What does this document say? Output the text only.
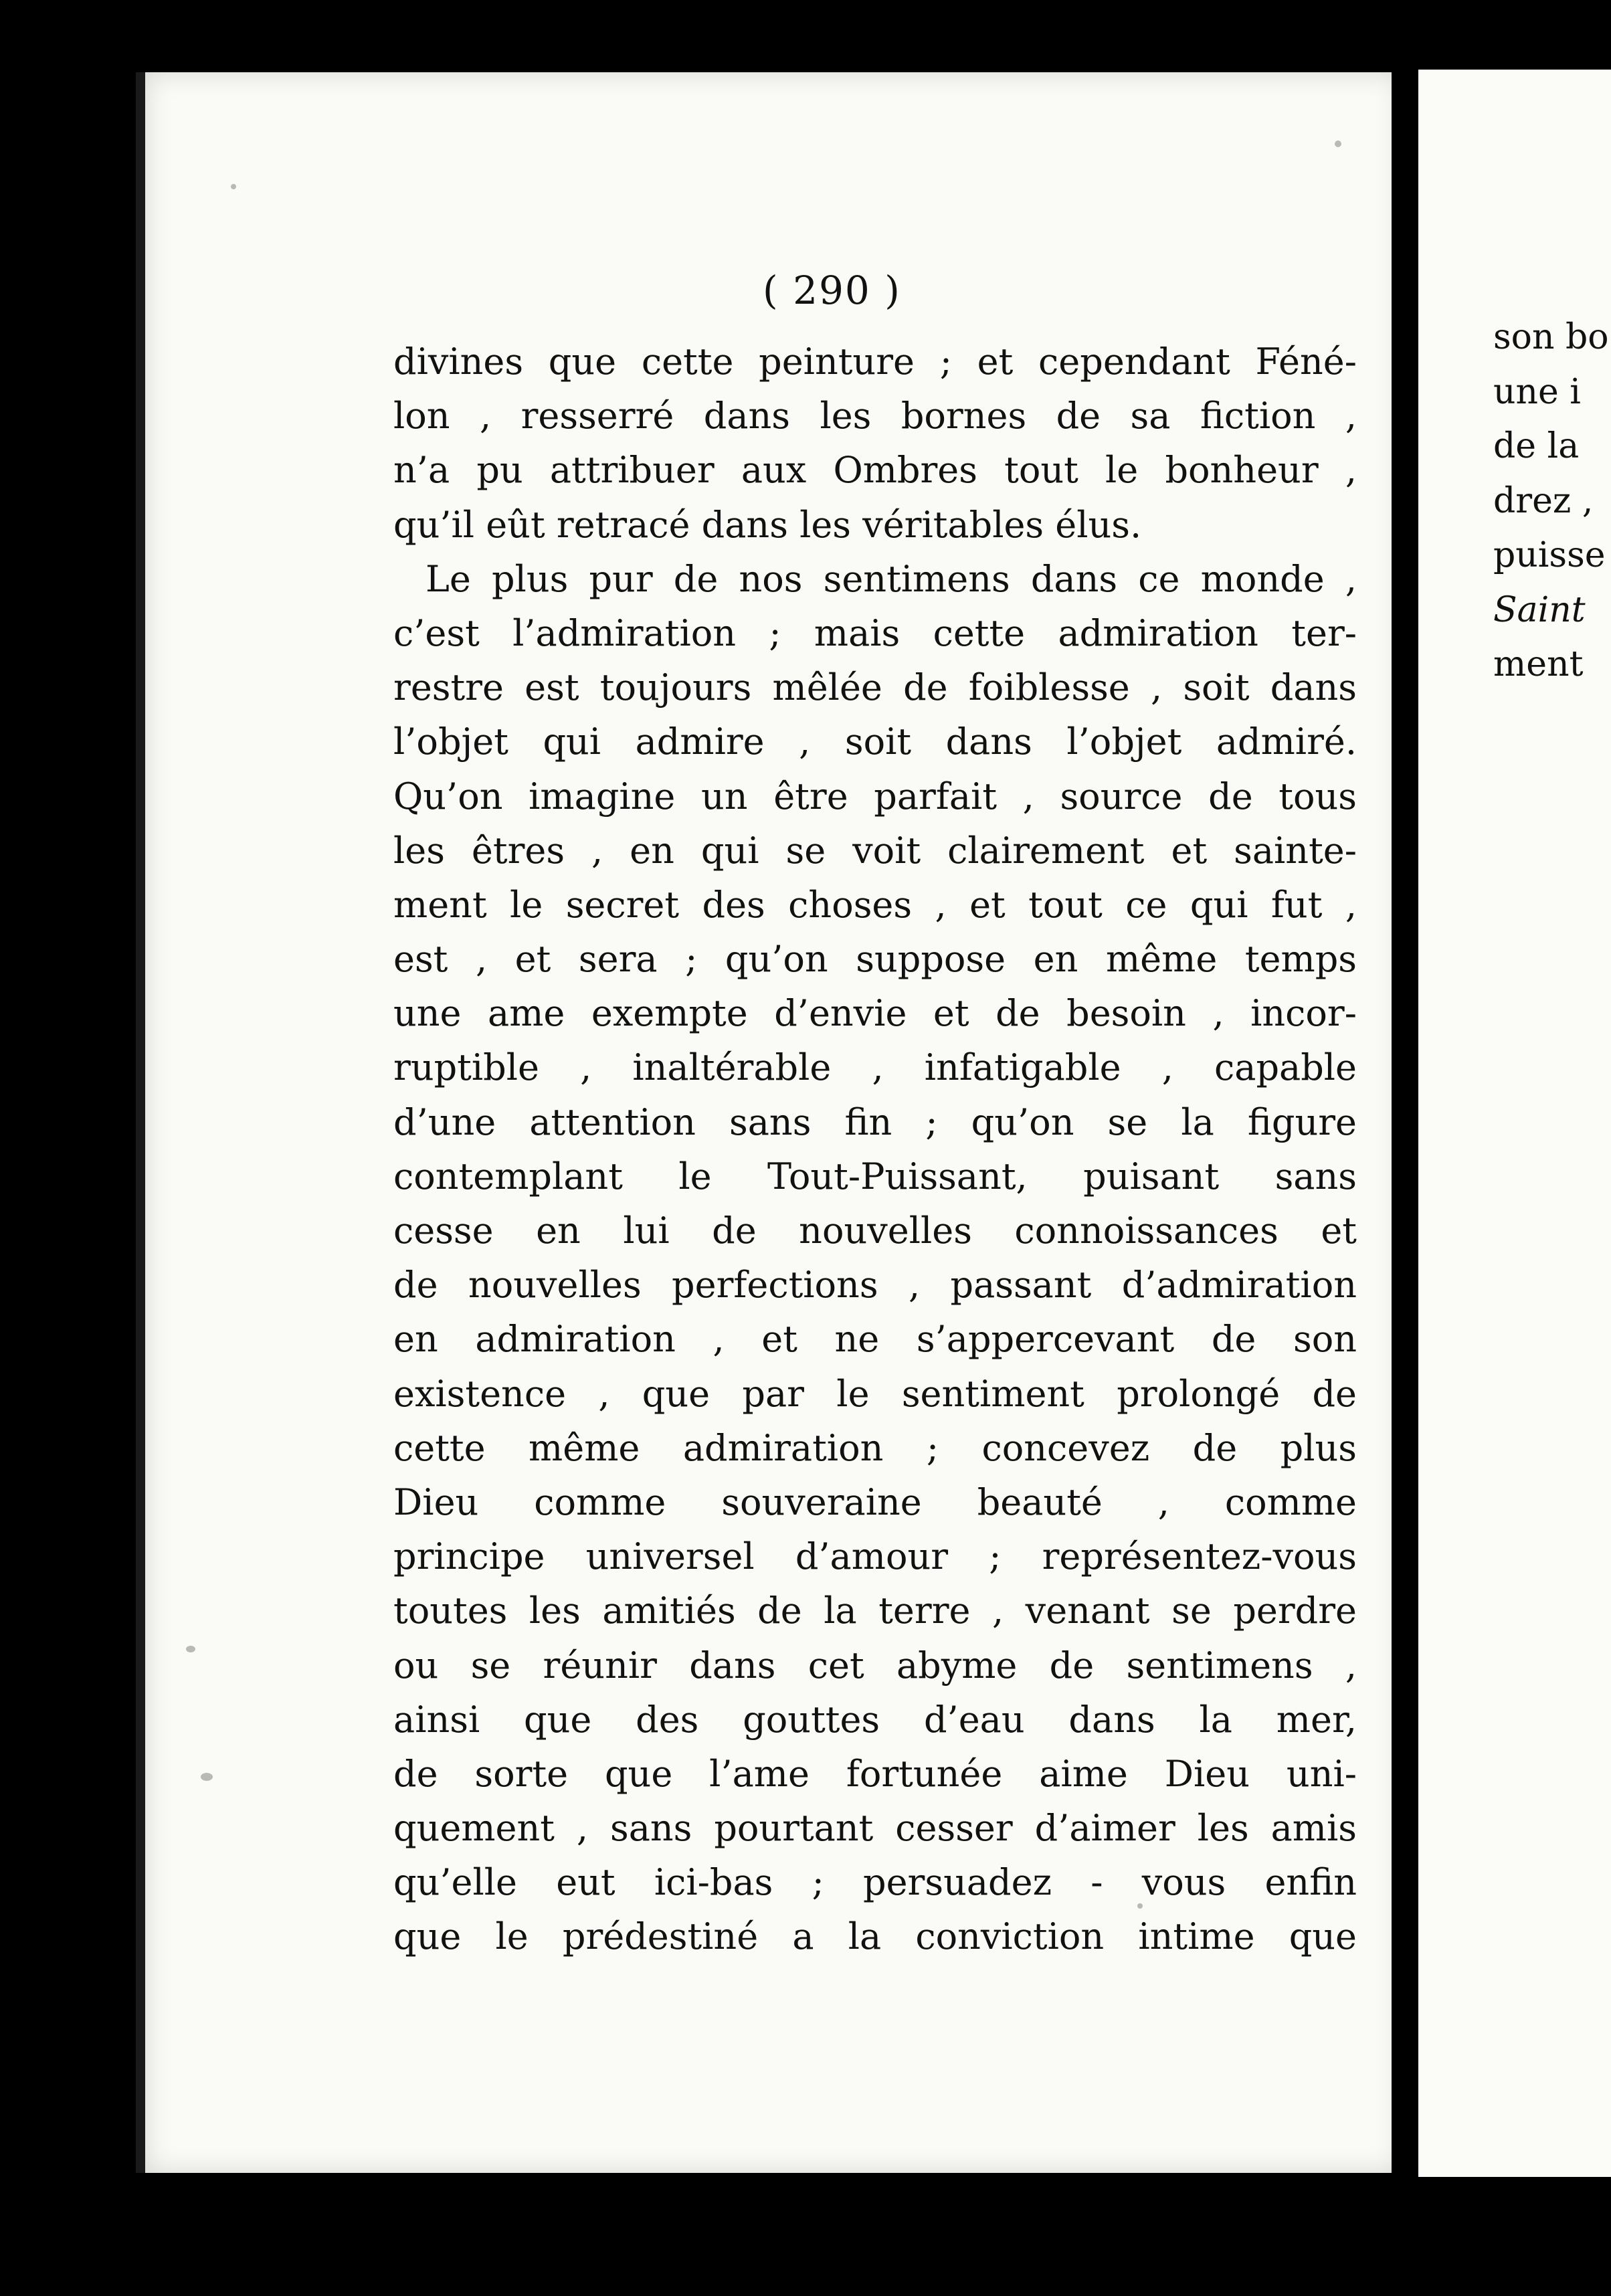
( 290 )
divines que cette peinture ; et cependant Féné-
lon , resserré dans les bornes de sa fiction ,
n’a pu attribuer aux Ombres tout le bonheur ,
qu’il eût retracé dans les véritables élus.
Le plus pur de nos sentimens dans ce monde ,
c’est l’admiration ; mais cette admiration ter-
restre est toujours mêlée de foiblesse , soit dans
l’objet qui admire , soit dans l’objet admiré.
Qu’on imagine un être parfait , source de tous
les êtres , en qui se voit clairement et sainte-
ment le secret des choses , et tout ce qui fut ,
est , et sera ; qu’on suppose en même temps
une ame exempte d’envie et de besoin , incor-
ruptible , inaltérable , infatigable , capable
d’une attention sans fin ; qu’on se la figure
contemplant le Tout-Puissant, puisant sans
cesse en lui de nouvelles connoissances et
de nouvelles perfections , passant d’admiration
en admiration , et ne s’appercevant de son
existence , que par le sentiment prolongé de
cette même admiration ; concevez de plus
Dieu comme souveraine beauté , comme
principe universel d’amour ; représentez-vous
toutes les amitiés de la terre , venant se perdre
ou se réunir dans cet abyme de sentimens ,
ainsi que des gouttes d’eau dans la mer,
de sorte que l’ame fortunée aime Dieu uni-
quement , sans pourtant cesser d’aimer les amis
qu’elle eut ici-bas ; persuadez - vous enfin
que le prédestiné a la conviction intime que
son bo
une i
de la
drez ,
puisse
Saint
ment
